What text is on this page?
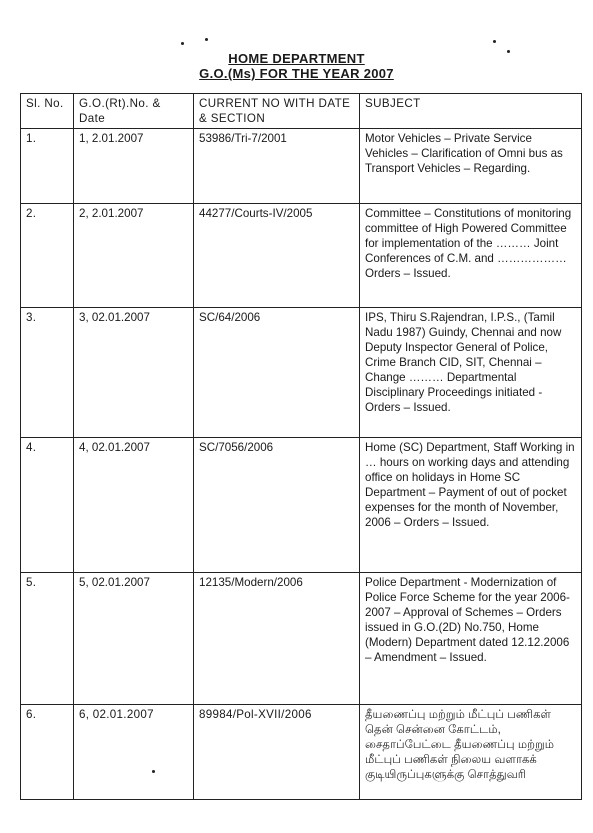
HOME DEPARTMENT
G.O.(Ms) FOR THE YEAR 2007
Sl. No.	G.O.(Rt).No. & Date	CURRENT NO WITH DATE & SECTION	SUBJECT
1.	1, 2.01.2007	53986/Tri-7/2001	Motor Vehicles – Private Service Vehicles – Clarification of Omni bus as Transport Vehicles – Regarding.
2.	2, 2.01.2007	44277/Courts-IV/2005	Committee – Constitutions of monitoring committee of High Powered Committee for implementation of the ……… Joint Conferences of C.M. and ……………… Orders – Issued.
3.	3, 02.01.2007	SC/64/2006	IPS, Thiru S.Rajendran, I.P.S., (Tamil Nadu 1987) Guindy, Chennai and now Deputy Inspector General of Police, Crime Branch CID, SIT, Chennai – Change ……… Departmental Disciplinary Proceedings initiated - Orders – Issued.
4.	4, 02.01.2007	SC/7056/2006	Home (SC) Department, Staff Working in … hours on working days and attending office on holidays in Home SC Department – Payment of out of pocket expenses for the month of November, 2006 – Orders – Issued.
5.	5, 02.01.2007	12135/Modern/2006	Police Department - Modernization of Police Force Scheme for the year 2006-2007 – Approval of Schemes – Orders issued in G.O.(2D) No.750, Home (Modern) Department dated 12.12.2006 – Amendment – Issued.
6.	6, 02.01.2007	89984/Pol-XVII/2006	தீயணைப்பு மற்றும் மீட்புப் பணிகள் தென் சென்னை கோட்டம், சைதாப்பேட்டை தீயணைப்பு மற்றும் மீட்புப் பணிகள் நிலைய வளாகக் குடியிருப்புகளுக்கு சொத்துவரி
